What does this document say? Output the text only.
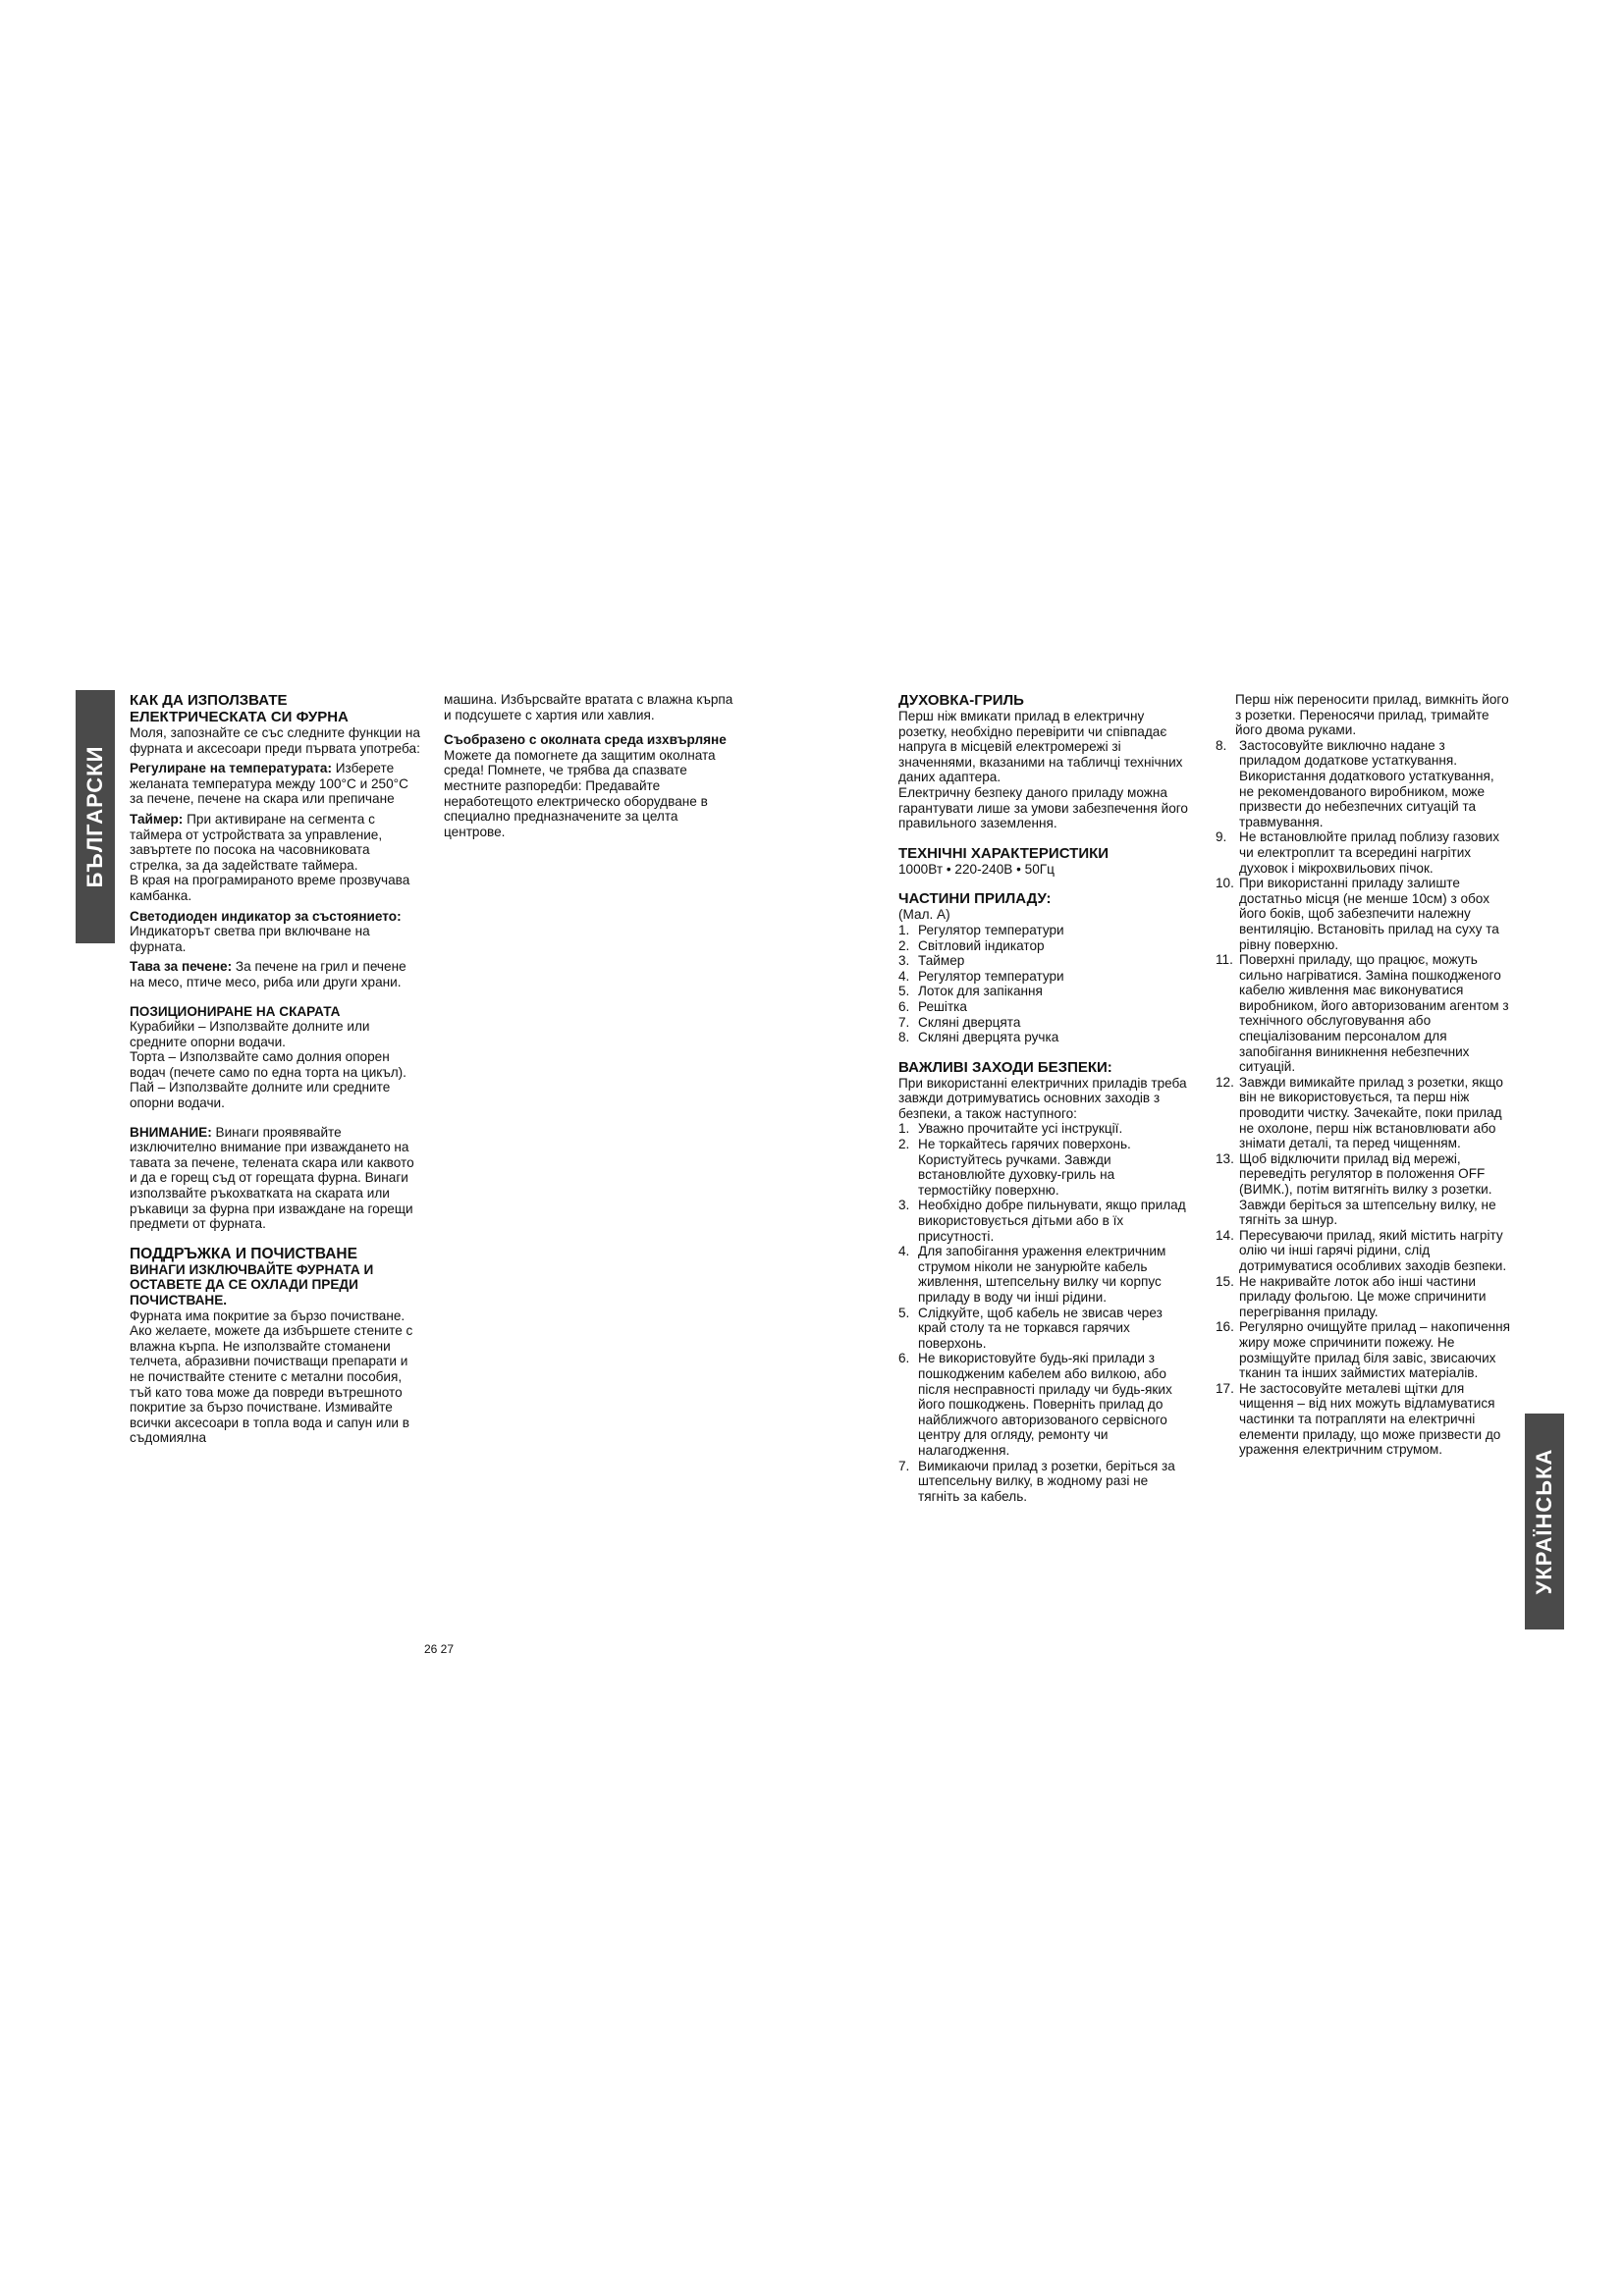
БЪЛГАРСКИ
УКРАЇНСЬКА

КАК ДА ИЗПОЛЗВАТЕ

ЕЛЕКТРИЧЕСКАТА СИ ФУРНА

Моля, запознайте се със следните функции на фурната и аксесоари преди първата употреба:

Регулиране на температурата: Изберете желаната температура между 100°C и 250°C за печене, печене на скара или препичане

Таймер: При активиране на сегмента с таймера от устройствата за управление, завъртете по посока на часовниковата стрелка, за да задействате таймера.

В края на програмираното време прозвучава камбанка.

Светодиоден индикатор за състоянието:

Индикаторът светва при включване на фурната.

Тава за печене: За печене на грил и печене на месо, птиче месо, риба или други храни.

ПОЗИЦИОНИРАНЕ НА СКАРАТА

Курабийки – Използвайте долните или средните опорни водачи.

Торта – Използвайте само долния опорен водач (печете само по една торта на цикъл).

Пай – Използвайте долните или средните опорни водачи.

ВНИМАНИЕ: Винаги проявявайте изключително внимание при изваждането на тавата за печене, телената скара или каквото и да е горещ съд от горещата фурна. Винаги използвайте ръкохватката на скарата или ръкавици за фурна при изваждане на горещи предмети от фурната.

ПОДДРЪЖКА И ПОЧИСТВАНЕ

ВИНАГИ ИЗКЛЮЧВАЙТЕ ФУРНАТА И ОСТАВЕТЕ ДА СЕ ОХЛАДИ ПРЕДИ ПОЧИСТВАНЕ.

Фурната има покритие за бързо почистване. Ако желаете, можете да избършете стените с влажна кърпа. Не използвайте стоманени телчета, абразивни почистващи препарати и не почиствайте стените с метални пособия, тъй като това може да повреди вътрешното покритие за бързо почистване. Измивайте всички аксесоари в топла вода и сапун или в съдомиялна

машина. Избърсвайте вратата с влажна кърпа и подсушете с хартия или хавлия.

Съобразено с околната среда изхвърляне

Можете да помогнете да защитим околната среда! Помнете, че трябва да спазвате местните разпоредби: Предавайте неработещото електрическо оборудване в специално предназначените за целта центрове.

26 27

ДУХОВКА-ГРИЛЬ

Перш ніж вмикати прилад в електричну розетку, необхідно перевірити чи співпадає напруга в місцевій електромережі зі значеннями, вказаними на табличці технічних даних адаптера.

Електричну безпеку даного приладу можна гарантувати лише за умови забезпечення його правильного заземлення.

ТЕХНІЧНІ ХАРАКТЕРИСТИКИ

1000Вт • 220-240В • 50Гц

ЧАСТИНИ ПРИЛАДУ:

(Мал. А)

1. Регулятор температури
2. Світловий індикатор
3. Таймер
4. Регулятор температури
5. Лоток для запікання
6. Решітка
7. Скляні дверцята
8. Скляні дверцята ручка

ВАЖЛИВІ ЗАХОДИ БЕЗПЕКИ:

При використанні електричних приладів треба завжди дотримуватись основних заходів з безпеки, а також наступного:

1. Уважно прочитайте усі інструкції.
2. Не торкайтесь гарячих поверхонь. Користуйтесь ручками. Завжди встановлюйте духовку-гриль на термостійку поверхню.
3. Необхідно добре пильнувати, якщо прилад використовується дітьми або в їх присутності.
4. Для запобігання ураження електричним струмом ніколи не занурюйте кабель живлення, штепсельну вилку чи корпус приладу в воду чи інші рідини.
5. Слідкуйте, щоб кабель не звисав через край столу та не торкався гарячих поверхонь.
6. Не використовуйте будь-які прилади з пошкодженим кабелем або вилкою, або після несправності приладу чи будь-яких його пошкоджень. Поверніть прилад до найближчого авторизованого сервісного центру для огляду, ремонту чи налагодження.
7. Вимикаючи прилад з розетки, беріться за штепсельну вилку, в жодному разі не тягніть за кабель.

Перш ніж переносити прилад, вимкніть його з розетки. Переносячи прилад, тримайте його двома руками.

8. Застосовуйте виключно надане з приладом додаткове устаткування. Використання додаткового устаткування, не рекомендованого виробником, може призвести до небезпечних ситуацій та травмування.
9. Не встановлюйте прилад поблизу газових чи електроплит та всередині нагрітих духовок і мікрохвильових пічок.
10. При використанні приладу залиште достатньо місця (не менше 10см) з обох його боків, щоб забезпечити належну вентиляцію. Встановіть прилад на суху та рівну поверхню.
11. Поверхні приладу, що працює, можуть сильно нагріватися. Заміна пошкодженого кабелю живлення має виконуватися виробником, його авторизованим агентом з технічного обслуговування або спеціалізованим персоналом для запобігання виникнення небезпечних ситуацій.
12. Завжди вимикайте прилад з розетки, якщо він не використовується, та перш ніж проводити чистку. Зачекайте, поки прилад не охолоне, перш ніж встановлювати або знімати деталі, та перед чищенням.
13. Щоб відключити прилад від мережі, переведіть регулятор в положення OFF (ВИМК.), потім витягніть вилку з розетки. Завжди беріться за штепсельну вилку, не тягніть за шнур.
14. Пересуваючи прилад, який містить нагріту олію чи інші гарячі рідини, слід дотримуватися особливих заходів безпеки.
15. Не накривайте лоток або інші частини приладу фольгою. Це може спричинити перегрівання приладу.
16. Регулярно очищуйте прилад – накопичення жиру може спричинити пожежу. Не розміщуйте прилад біля завіс, звисаючих тканин та інших займистих матеріалів.
17. Не застосовуйте металеві щітки для чищення – від них можуть відламуватися частинки та потрапляти на електричні елементи приладу, що може призвести до ураження електричним струмом.
